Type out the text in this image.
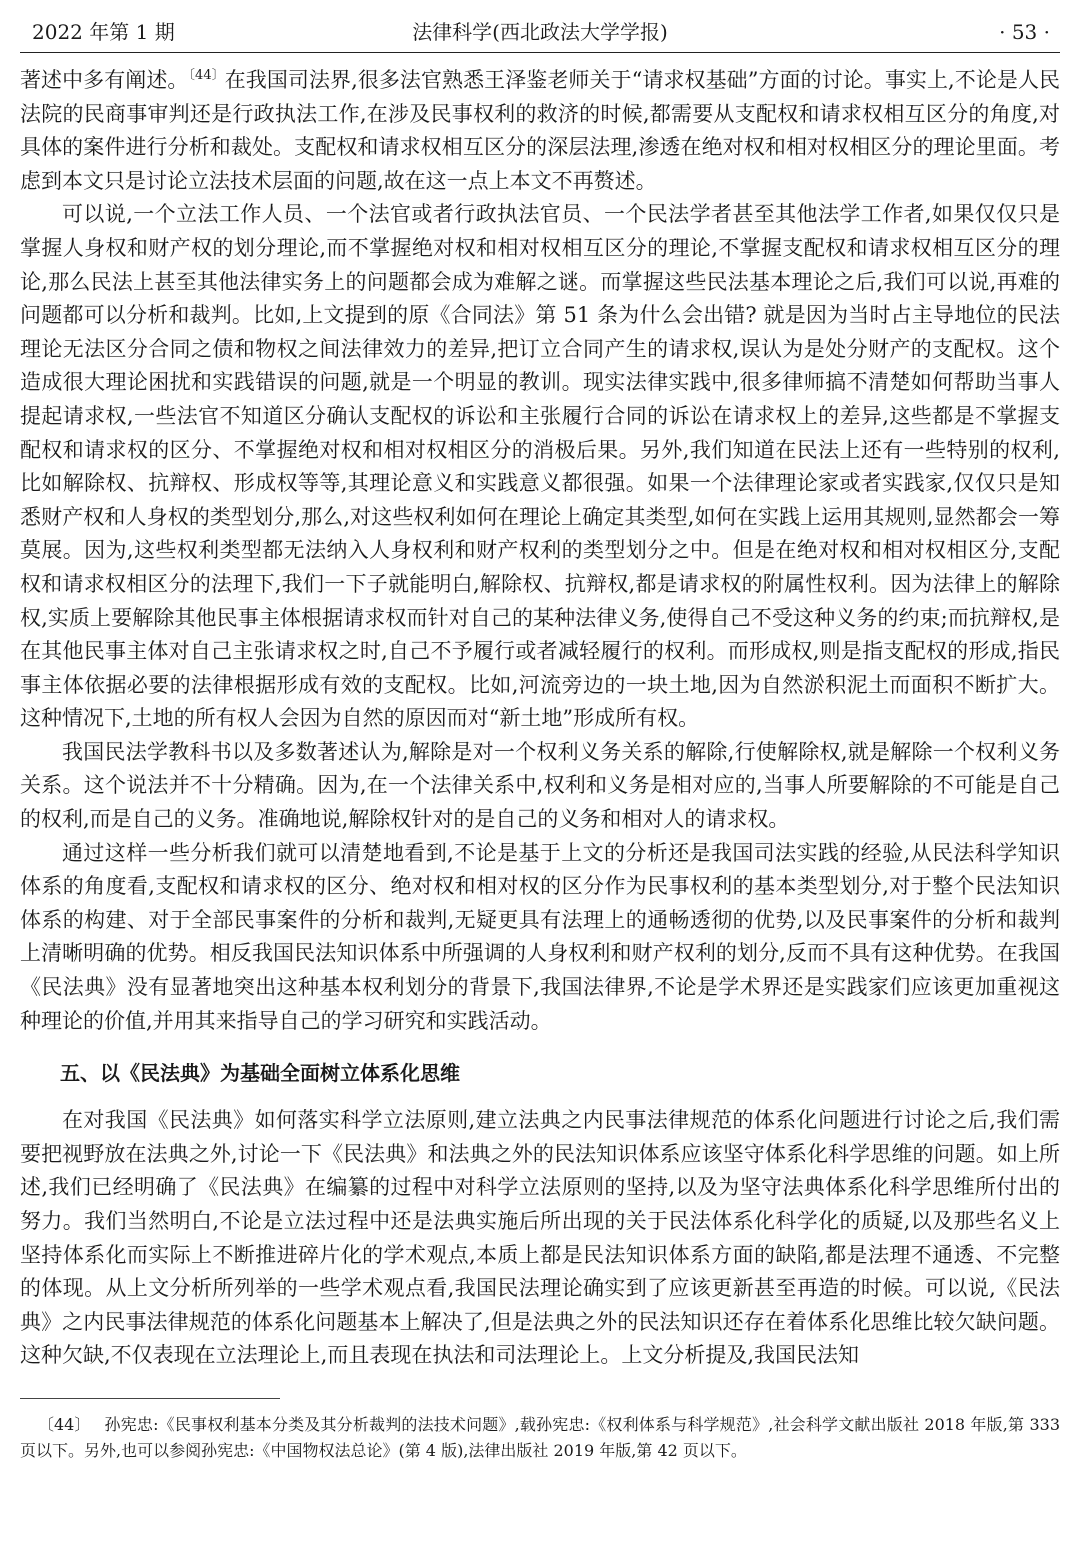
2022 年第 1 期	法律科学(西北政法大学学报)	· 53 ·

著述中多有阐述。$^{〔44〕}$在我国司法界,很多法官熟悉王泽鉴老师关于“请求权基础”方面的讨论。事实上,不论是人民法院的民商事审判还是行政执法工作,在涉及民事权利的救济的时候,都需要从支配权和请求权相互区分的角度,对具体的案件进行分析和裁处。支配权和请求权相互区分的深层法理,渗透在绝对权和相对权相区分的理论里面。考虑到本文只是讨论立法技术层面的问题,故在这一点上本文不再赘述。

可以说,一个立法工作人员、一个法官或者行政执法官员、一个民法学者甚至其他法学工作者,如果仅仅只是掌握人身权和财产权的划分理论,而不掌握绝对权和相对权相互区分的理论,不掌握支配权和请求权相互区分的理论,那么民法上甚至其他法律实务上的问题都会成为难解之谜。而掌握这些民法基本理论之后,我们可以说,再难的问题都可以分析和裁判。比如,上文提到的原《合同法》第 51 条为什么会出错? 就是因为当时占主导地位的民法理论无法区分合同之债和物权之间法律效力的差异,把订立合同产生的请求权,误认为是处分财产的支配权。这个造成很大理论困扰和实践错误的问题,就是一个明显的教训。现实法律实践中,很多律师搞不清楚如何帮助当事人提起请求权,一些法官不知道区分确认支配权的诉讼和主张履行合同的诉讼在请求权上的差异,这些都是不掌握支配权和请求权的区分、不掌握绝对权和相对权相区分的消极后果。另外,我们知道在民法上还有一些特别的权利,比如解除权、抗辩权、形成权等等,其理论意义和实践意义都很强。如果一个法律理论家或者实践家,仅仅只是知悉财产权和人身权的类型划分,那么,对这些权利如何在理论上确定其类型,如何在实践上运用其规则,显然都会一筹莫展。因为,这些权利类型都无法纳入人身权利和财产权利的类型划分之中。但是在绝对权和相对权相区分,支配权和请求权相区分的法理下,我们一下子就能明白,解除权、抗辩权,都是请求权的附属性权利。因为法律上的解除权,实质上要解除其他民事主体根据请求权而针对自己的某种法律义务,使得自己不受这种义务的约束;而抗辩权,是在其他民事主体对自己主张请求权之时,自己不予履行或者减轻履行的权利。而形成权,则是指支配权的形成,指民事主体依据必要的法律根据形成有效的支配权。比如,河流旁边的一块土地,因为自然淤积泥土而面积不断扩大。这种情况下,土地的所有权人会因为自然的原因而对“新土地”形成所有权。

我国民法学教科书以及多数著述认为,解除是对一个权利义务关系的解除,行使解除权,就是解除一个权利义务关系。这个说法并不十分精确。因为,在一个法律关系中,权利和义务是相对应的,当事人所要解除的不可能是自己的权利,而是自己的义务。准确地说,解除权针对的是自己的义务和相对人的请求权。

通过这样一些分析我们就可以清楚地看到,不论是基于上文的分析还是我国司法实践的经验,从民法科学知识体系的角度看,支配权和请求权的区分、绝对权和相对权的区分作为民事权利的基本类型划分,对于整个民法知识体系的构建、对于全部民事案件的分析和裁判,无疑更具有法理上的通畅透彻的优势,以及民事案件的分析和裁判上清晰明确的优势。相反我国民法知识体系中所强调的人身权利和财产权利的划分,反而不具有这种优势。在我国《民法典》没有显著地突出这种基本权利划分的背景下,我国法律界,不论是学术界还是实践家们应该更加重视这种理论的价值,并用其来指导自己的学习研究和实践活动。

五、以《民法典》为基础全面树立体系化思维

在对我国《民法典》如何落实科学立法原则,建立法典之内民事法律规范的体系化问题进行讨论之后,我们需要把视野放在法典之外,讨论一下《民法典》和法典之外的民法知识体系应该坚守体系化科学思维的问题。如上所述,我们已经明确了《民法典》在编纂的过程中对科学立法原则的坚持,以及为坚守法典体系化科学思维所付出的努力。我们当然明白,不论是立法过程中还是法典实施后所出现的关于民法体系化科学化的质疑,以及那些名义上坚持体系化而实际上不断推进碎片化的学术观点,本质上都是民法知识体系方面的缺陷,都是法理不通透、不完整的体现。从上文分析所列举的一些学术观点看,我国民法理论确实到了应该更新甚至再造的时候。可以说,《民法典》之内民事法律规范的体系化问题基本上解决了,但是法典之外的民法知识还存在着体系化思维比较欠缺问题。这种欠缺,不仅表现在立法理论上,而且表现在执法和司法理论上。上文分析提及,我国民法知

〔44〕 孙宪忠:《民事权利基本分类及其分析裁判的法技术问题》,载孙宪忠:《权利体系与科学规范》,社会科学文献出版社 2018 年版,第 333 页以下。另外,也可以参阅孙宪忠:《中国物权法总论》(第 4 版),法律出版社 2019 年版,第 42 页以下。
